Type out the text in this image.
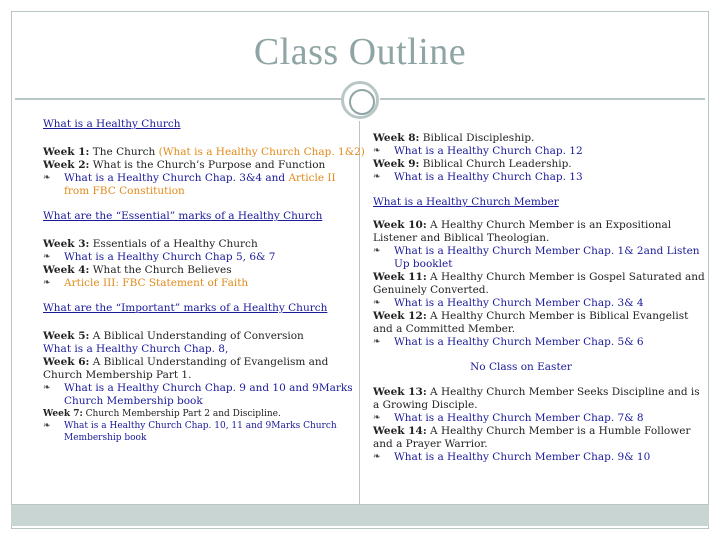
Class Outline
What is a Healthy Church
Week 1: The Church (What is a Healthy Church Chap. 1&2)
Week 2: What is the Church’s Purpose and Function
❧	What is a Healthy Church Chap. 3&4 and Article II from FBC Constitution
What are the “Essential” marks of a Healthy Church
Week 3: Essentials of a Healthy Church
❧	What is a Healthy Church Chap 5, 6& 7
Week 4: What the Church Believes
❧	Article III: FBC Statement of Faith
What are the “Important” marks of a Healthy Church
Week 5: A Biblical Understanding of Conversion
What is a Healthy Church Chap. 8,
Week 6: A Biblical Understanding of Evangelism and Church Membership Part 1.
❧	What is a Healthy Church Chap. 9 and 10 and 9Marks Church Membership book
Week 7: Church Membership Part 2 and Discipline.
❧	What is a Healthy Church Chap. 10, 11 and 9Marks Church Membership book
Week 8: Biblical Discipleship.
❧	What is a Healthy Church Chap. 12
Week 9: Biblical Church Leadership.
❧	What is a Healthy Church Chap. 13
What is a Healthy Church Member
Week 10: A Healthy Church Member is an Expositional Listener and Biblical Theologian.
❧	What is a Healthy Church Member Chap. 1& 2and Listen Up booklet
Week 11: A Healthy Church Member is Gospel Saturated and Genuinely Converted.
❧	What is a Healthy Church Member Chap. 3& 4
Week 12: A Healthy Church Member is Biblical Evangelist and a Committed Member.
❧	What is a Healthy Church Member Chap. 5& 6
No Class on Easter
Week 13: A Healthy Church Member Seeks Discipline and is a Growing Disciple.
❧	What is a Healthy Church Member Chap. 7& 8
Week 14: A Healthy Church Member is a Humble Follower and a Prayer Warrior.
❧	What is a Healthy Church Member Chap. 9& 10
